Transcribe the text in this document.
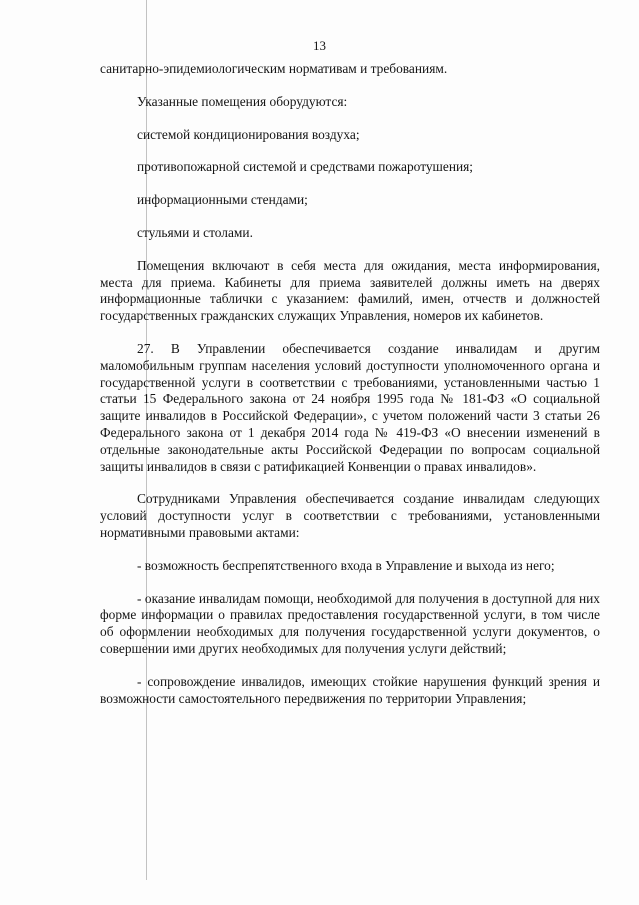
13

санитарно-эпидемиологическим нормативам и требованиям.

Указанные помещения оборудуются:

системой кондиционирования воздуха;

противопожарной системой и средствами пожаротушения;

информационными стендами;

стульями и столами.

Помещения включают в себя места для ожидания, места информирования, места для приема. Кабинеты для приема заявителей должны иметь на дверях информационные таблички с указанием: фамилий, имен, отчеств и должностей государственных гражданских служащих Управления, номеров их кабинетов.

27. В Управлении обеспечивается создание инвалидам и другим маломобильным группам населения условий доступности уполномоченного органа и государственной услуги в соответствии с требованиями, установленными частью 1 статьи 15 Федерального закона от 24 ноября 1995 года № 181-ФЗ «О социальной защите инвалидов в Российской Федерации», с учетом положений части 3 статьи 26 Федерального закона от 1 декабря 2014 года № 419-ФЗ «О внесении изменений в отдельные законодательные акты Российской Федерации по вопросам социальной защиты инвалидов в связи с ратификацией Конвенции о правах инвалидов».

Сотрудниками Управления обеспечивается создание инвалидам следующих условий доступности услуг в соответствии с требованиями, установленными нормативными правовыми актами:

- возможность беспрепятственного входа в Управление и выхода из него;

- оказание инвалидам помощи, необходимой для получения в доступной для них форме информации о правилах предоставления государственной услуги, в том числе об оформлении необходимых для получения государственной услуги документов, о совершении ими других необходимых для получения услуги действий;

- сопровождение инвалидов, имеющих стойкие нарушения функций зрения и возможности самостоятельного передвижения по территории Управления;
